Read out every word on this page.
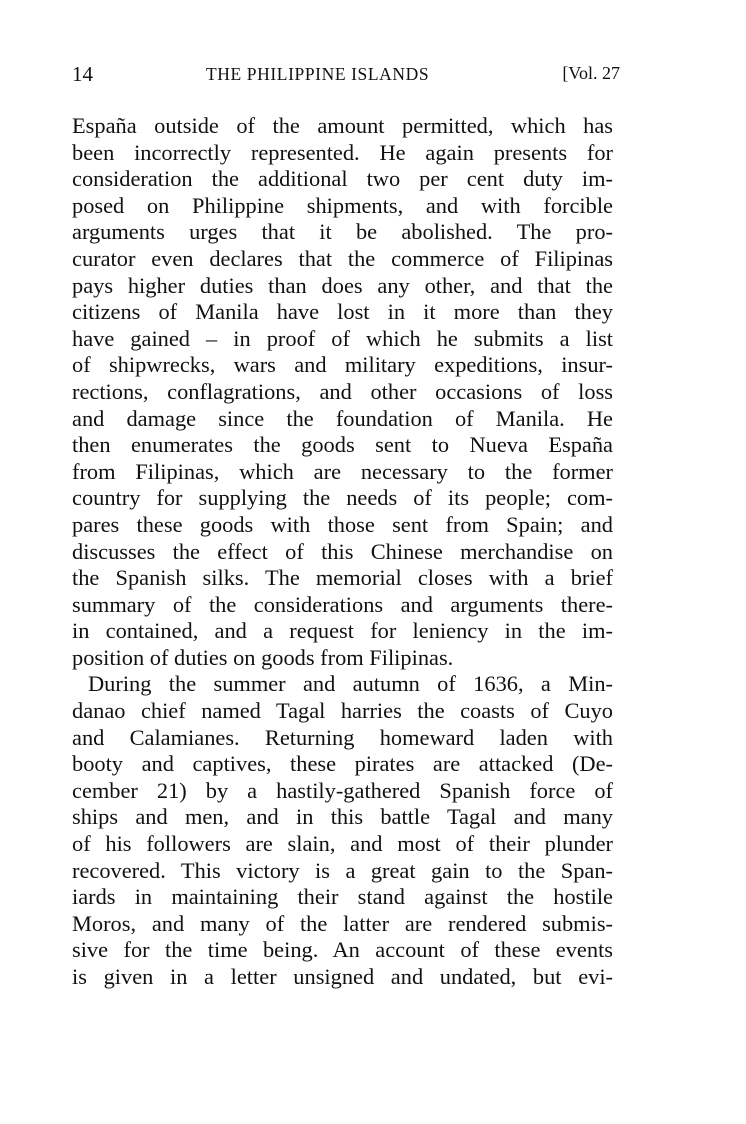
14	THE PHILIPPINE ISLANDS	[Vol. 27
España outside of the amount permitted, which has
been incorrectly represented. He again presents for
consideration the additional two per cent duty im-
posed on Philippine shipments, and with forcible
arguments urges that it be abolished. The pro-
curator even declares that the commerce of Filipinas
pays higher duties than does any other, and that the
citizens of Manila have lost in it more than they
have gained – in proof of which he submits a list
of shipwrecks, wars and military expeditions, insur-
rections, conflagrations, and other occasions of loss
and damage since the foundation of Manila. He
then enumerates the goods sent to Nueva España
from Filipinas, which are necessary to the former
country for supplying the needs of its people; com-
pares these goods with those sent from Spain; and
discusses the effect of this Chinese merchandise on
the Spanish silks. The memorial closes with a brief
summary of the considerations and arguments there-
in contained, and a request for leniency in the im-
position of duties on goods from Filipinas.
During the summer and autumn of 1636, a Min-
danao chief named Tagal harries the coasts of Cuyo
and Calamianes. Returning homeward laden with
booty and captives, these pirates are attacked (De-
cember 21) by a hastily-gathered Spanish force of
ships and men, and in this battle Tagal and many
of his followers are slain, and most of their plunder
recovered. This victory is a great gain to the Span-
iards in maintaining their stand against the hostile
Moros, and many of the latter are rendered submis-
sive for the time being. An account of these events
is given in a letter unsigned and undated, but evi-
